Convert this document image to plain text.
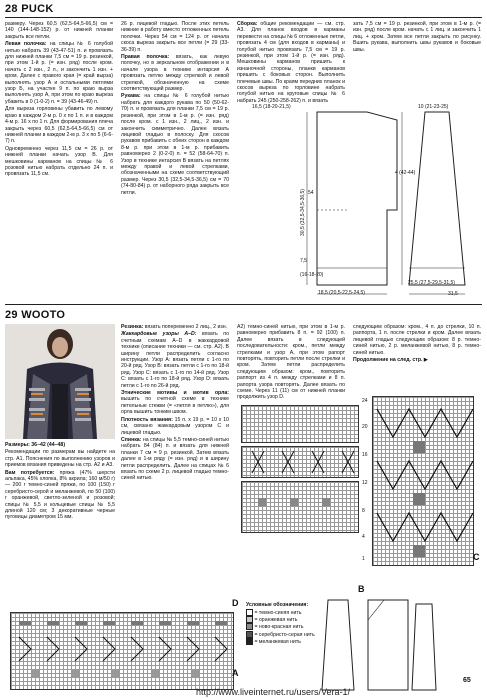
28 PUCK

размеру. Через 60,5 (62,5-64,5-66,5) см = 140 (144-148-152) р. от нижней планки закрыть все петли.

Левая полочка: на спицы № 6 голубой нитью набрать 39 (43-47-51) п. и провязать для нижней планки 7,5 см = 19 р. резинкой, при этом 1-й р. (= изн. ряд) после кром. начать с 2 изн., 2 л., и закончить 1 изн. + кром. Далее с правого края (= край вырза) выполнять узор А и остальными петлями узор Б, на участке 9 п. по краю вырза выполнять узор А, при этом по краю выреза убавить в 0 (1-0-2) п. = 39 (43-46-49) п.

Для выреза горловины убавить по левому краю в каждом 2-м р. 0 х по 1 п. и в каждом 4-м р. 16 х по 1 п. Для формирования плеча закрыть через 60,5 (62,5-64,5-66,5) см от нижней планки в каждом 2-м р. 3 х по 5 (6-6-7) п.

Одновременно через 11,5 см = 26 р. от нижней планки начать узор В. Для мешковины карманов на спицы № 6 розовой нитью набрать отдельно 24 п. и провязать 11,5 см.

26 р. лицевой гладью. После этих петель нижние в работу вместо отложенных петель полочки. Через 54 см = 124 р. от начала скоса выреза закрыть все петли (= 29 (33-36-39) п.

Правая полочка: вязать, как левую полочку, но в зеркальном отображении и в начале узора в технике интарсия А провязать петлю между стрелкой и левой стрелкой, обозначенную на схеме соответствующий размер.

Рукава: на спицы № 6 голубой нитью набрать для каждого рукава по 50 (50-62-70) п. и провязать для планки 7,5 см = 19 р. резинкой, при этом в 1-м р. (= изн. ряд) после кром. с 1 изн., 2 лиц., 2 изн. и закончить симметрично. Далее вязать лицевой гладью в полоску. Для скосов рукавов прибавить с обеих сторон в каждом 8-м р. при этом в 1-м р. прибавить равномерно 2 (0-2-0) п. = 52 (58-64-70) п. Узор в технике интарсия В вязать на петлях между правой и левой стрелками, обозначенными на схеме соответствующий размер. Через 30,5 (32,5-34,5-36,5) см = 70 (74-80-84) р. от наборного ряда закрыть все петли.

Сборка: общие рекомендации — см. стр. А3. Для планок входов в карманы перевести на спицы № 6 отложенные петли, провязать 4 см (для входов в карманы) и голубой нитью провязать 7,5 см = 19 р. резинкой, при этом 1-й р. (= изн. ряд). Мешковины карманов пришить к изнаночной стороны, планки карманов пришить с боковых сторон. Выполнить плечевые швы. По краям передних планок и скосов выреза по горловине набрать голубой нитью на круговые спицы № 6 набрать 245 (250-258-262) п. и вязать

зать 7,5 см = 19 р. резинкой, при этом в 1-м р. (= изн. ряд) после кром. начать с 1 лиц. и закончить 1 лиц. + кром. Затем все петли закрыть по рисунку. Вшить рукава, выполнить швы рукавов и боковые швы.

16,5 (18-20-21,5)	10 (21-23-25)
54
30,5 (32,5-34,5-36,5)
4 (42-44)
7,5
(16-18-20)
18,5 (20,5-22,5-24,5)
25,5 (27,5-29,5-31,5)
31,5
29 WOOTO

Размеры: 36–42 (44–48)

Рекомендации по размерам вы найдете на стр. А1. Пояснения по выполнению узоров и приемов вязания приведены на стр. А2 и А3.

Вам потребуется: пряжа (47% шерсти альпака, 45% хлопка, 8% акрила; 160 м/50 г) — 200 г темно-синей пряжи, по 100 (150) г серебристо-серой и меланжевой, по 50 (100) г оранжевой, светло-зеленой и розовой; спицы № 5,5 и кольцевые спицы № 5,5 длиной 120 см; 3 декоративные черные пуговицы диаметром 15 мм.

Резинка: вязать попеременно 2 лиц., 2 изн.

Жаккардовые узоры А–D: вязать по счетным схемам А–D в жаккардовой технике (описание техники — см. стр. А2). В ширину петли распределить согласно инструкции. Узор А: вязать петли с 1-го по 20-й ряд. Узор В: вязать петли с 1-го по 18-й ряд. Узор С: вязать с 1-го по 14-й ряд. Узор С: вязать с 1-го по 18-й ряд. Узор D: вязать петли с 1-го по 26-й ряд.

Этнические мотивы и мотив орла: вышить по счетной схеме в технике петельные стежки (= «петля в петлю»), для орла вышить тонким швом.

Плотность вязания: 15 п. х 19 р. = 10 х 10 см, связано жаккардовым узором С и лицевой гладью.

Спинка: на спицы № 5,5 темно-синей нитью набрать 84 (84) п. и вязать для нижней планки 7 см = 9 р. резинкой. Затем вязать далее в 1-м ряду (= изн. ряд) и в ширину петли распределить. Далее на спицах № 6 вязать по схеме 2 р. лицевой гладью темно-синей нитью.

А2) темно-синей нитью, при этом в 1-м р. равномерно прибавить 8 п. = 92 (100) п. Далее вязать в следующей последовательности: кром., петли между стрелками и узор А, при этом рапорт повторять, повторить петли после стрелки и кром. Затем петли распределить следующим образом: кром., повторить раппорт из 4 п. между стрелками и 8 п. рапорта узора повторять. Далее вязать по схеме. Через 11 (11) см от нижней планки продолжить узор D.

следующим образом: кром., 4 п. до стрелки, 10 п. раппорта, 1 п. после стрелки и кром. Далее вязать лицевой гладью следующим образом: 8 р. темно-синей нитью, 2 р. меланжевой нитью, 8 р. темно-синей нитью.

Продолжение на след. стр. ▶

24
20
16
12
8
4
1	C
B
Условные обозначения:
= темно-синяя нить
= оранжевая нить
= ново-красная нить
= серебристо-серая нить
= меланжевая нить
A
D
http://www.liveinternet.ru/users/Vera-1/
65
